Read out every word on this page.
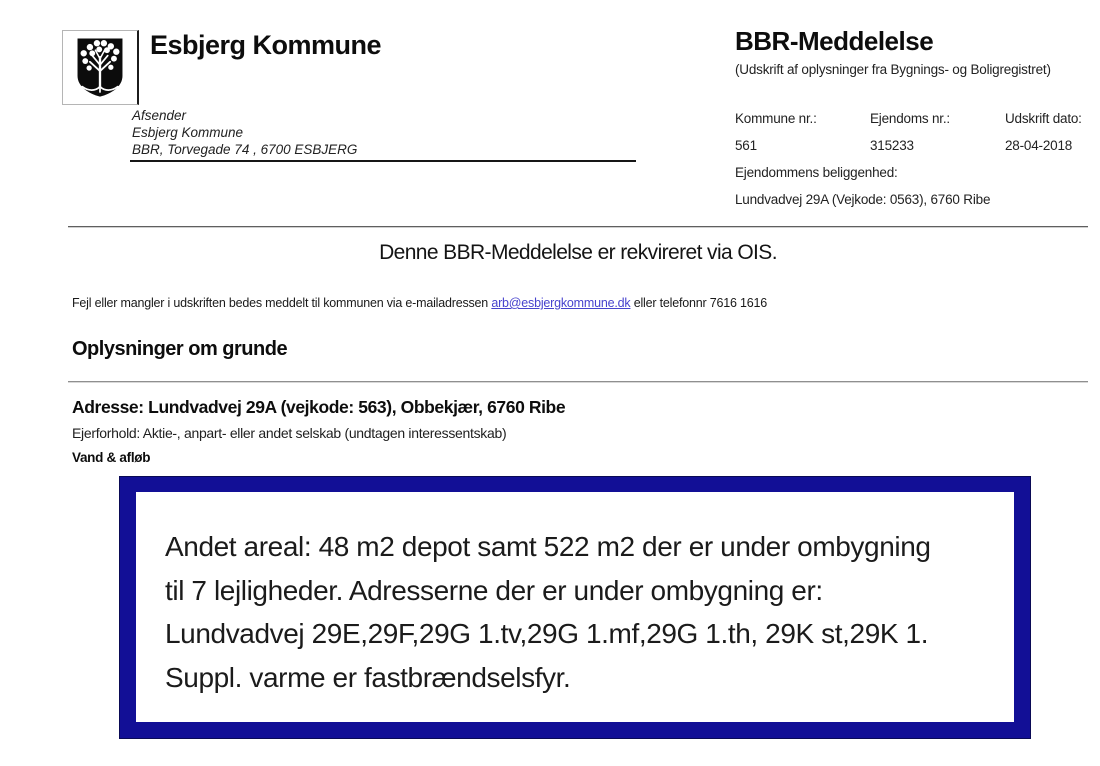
Esbjerg Kommune
Afsender
Esbjerg Kommune
BBR, Torvegade 74 , 6700 ESBJERG
BBR-Meddelelse
(Udskrift af oplysninger fra Bygnings- og Boligregistret)
Kommune nr.:	Ejendoms nr.:	Udskrift dato:
561	315233	28-04-2018
Ejendommens beliggenhed:
Lundvadvej 29A (Vejkode: 0563), 6760 Ribe
Denne BBR-Meddelelse er rekvireret via OIS.
Fejl eller mangler i udskriften bedes meddelt til kommunen via e-mailadressen arb@esbjergkommune.dk eller telefonnr 7616 1616
Oplysninger om grunde
Adresse: Lundvadvej 29A (vejkode: 563), Obbekjær, 6760 Ribe
Ejerforhold: Aktie-, anpart- eller andet selskab (undtagen interessentskab)
Vand & afløb
Andet areal: 48 m2 depot samt 522 m2 der er under ombygning
til 7 lejligheder. Adresserne der er under ombygning er:
Lundvadvej 29E,29F,29G 1.tv,29G 1.mf,29G 1.th, 29K st,29K 1.
Suppl. varme er fastbrændselsfyr.
